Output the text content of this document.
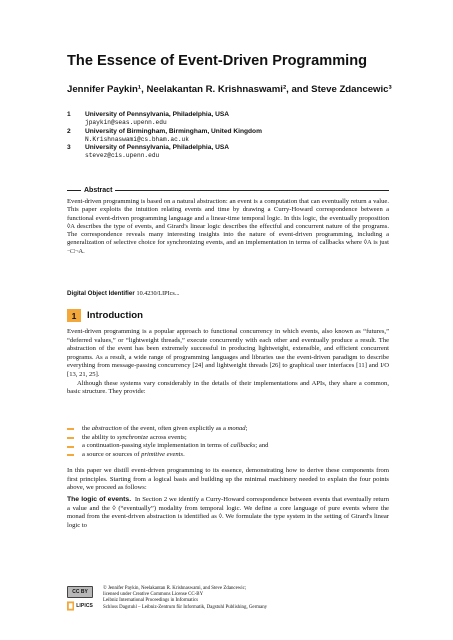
The Essence of Event-Driven Programming
Jennifer Paykin¹, Neelakantan R. Krishnaswami², and Steve Zdancewic³
1	University of Pennsylvania, Philadelphia, USA
jpaykin@seas.upenn.edu
2	University of Birmingham, Birmingham, United Kingdom
N.Krishnaswami@cs.bham.ac.uk
3	University of Pennsylvania, Philadelphia, USA
stevez@cis.upenn.edu
Abstract
Event-driven programming is based on a natural abstraction: an event is a computation that can eventually return a value. This paper exploits the intuition relating events and time by drawing a Curry-Howard correspondence between a functional event-driven programming language and a linear-time temporal logic. In this logic, the eventually proposition ◊A describes the type of events, and Girard's linear logic describes the effectful and concurrent nature of the programs. The correspondence reveals many interesting insights into the nature of event-driven programming, including a generalization of selective choice for synchronizing events, and an implementation in terms of callbacks where ◊A is just ¬□¬A.
Digital Object Identifier 10.4230/LIPIcs...
1	Introduction

Event-driven programming is a popular approach to functional concurrency in which events, also known as “futures,” “deferred values,” or “lightweight threads,” execute concurrently with each other and eventually produce a result. The abstraction of the event has been extremely successful in producing lightweight, extensible, and efficient concurrent programs. As a result, a wide range of programming languages and libraries use the event-driven paradigm to describe everything from message-passing concurrency [24] and lightweight threads [26] to graphical user interfaces [11] and I/O [13, 21, 25].

Although these systems vary considerably in the details of their implementations and APIs, they share a common, basic structure. They provide:

the abstraction of the event, often given explicitly as a monad;
the ability to synchronize across events;
a continuation-passing style implementation in terms of callbacks; and
a source or sources of primitive events.

In this paper we distill event-driven programming to its essence, demonstrating how to derive these components from first principles. Starting from a logical basis and building up the minimal machinery needed to explain the four points above, we proceed as follows:

The logic of events. In Section 2 we identify a Curry-Howard correspondence between events that eventually return a value and the ◊ (“eventually”) modality from temporal logic. We define a core language of pure events where the monad from the event-driven abstraction is identified as ◊. We formulate the type system in the setting of Girard's linear logic to

CC BY
LIPICS
© Jennifer Paykin, Neelakantan R. Krishnaswami, and Steve Zdancewic;
licensed under Creative Commons License CC-BY
Leibniz International Proceedings in Informatics
Schloss Dagstuhl – Leibniz-Zentrum für Informatik, Dagstuhl Publishing, Germany
